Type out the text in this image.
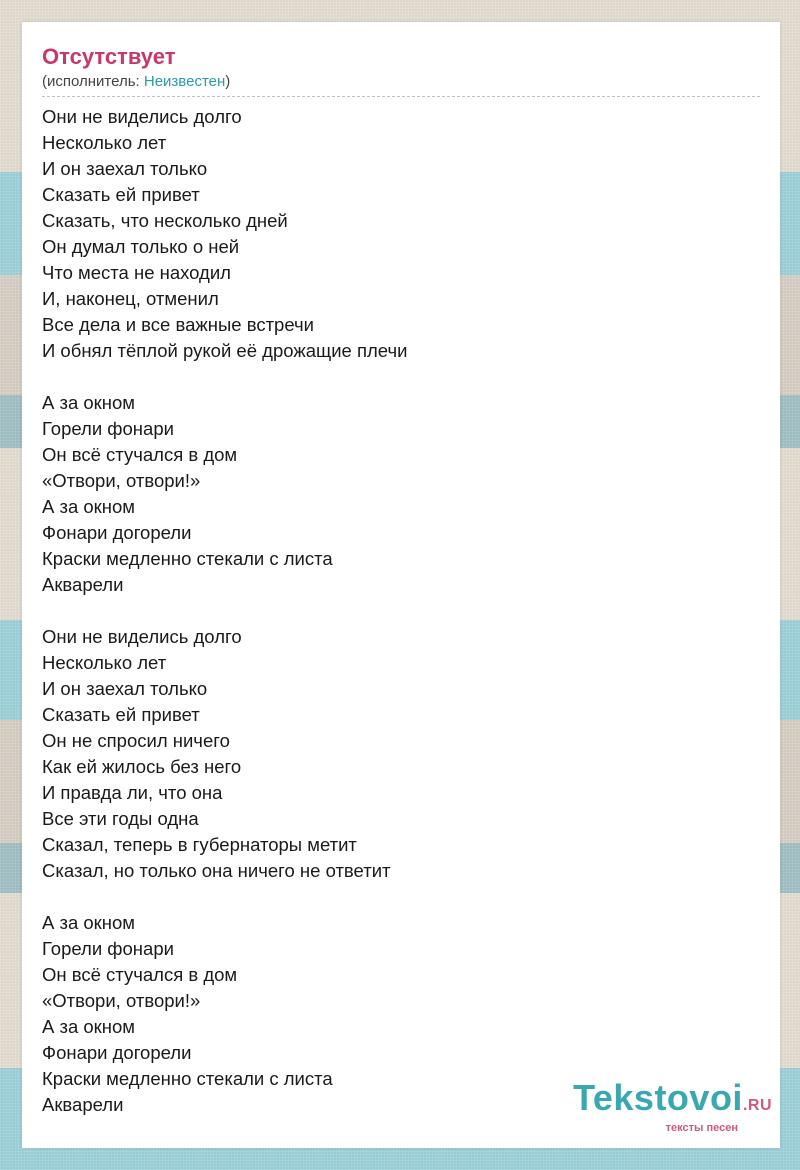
Отсутствует
(исполнитель: Неизвестен)
Они не виделись долго
Несколько лет
И он заехал только
Сказать ей привет
Сказать, что несколько дней
Он думал только о ней
Что места не находил
И, наконец, отменил
Все дела и все важные встречи
И обнял тёплой рукой её дрожащие плечи
А за окном
Горели фонари
Он всё стучался в дом
«Отвори, отвори!»
А за окном
Фонари догорели
Краски медленно стекали с листа
Акварели
Они не виделись долго
Несколько лет
И он заехал только
Сказать ей привет
Он не спросил ничего
Как ей жилось без него
И правда ли, что она
Все эти годы одна
Сказал, теперь в губернаторы метит
Сказал, но только она ничего не ответит
А за окном
Горели фонари
Он всё стучался в дом
«Отвори, отвори!»
А за окном
Фонари догорели
Краски медленно стекали с листа
Акварели	Tekstovoi.RU
тексты песен
